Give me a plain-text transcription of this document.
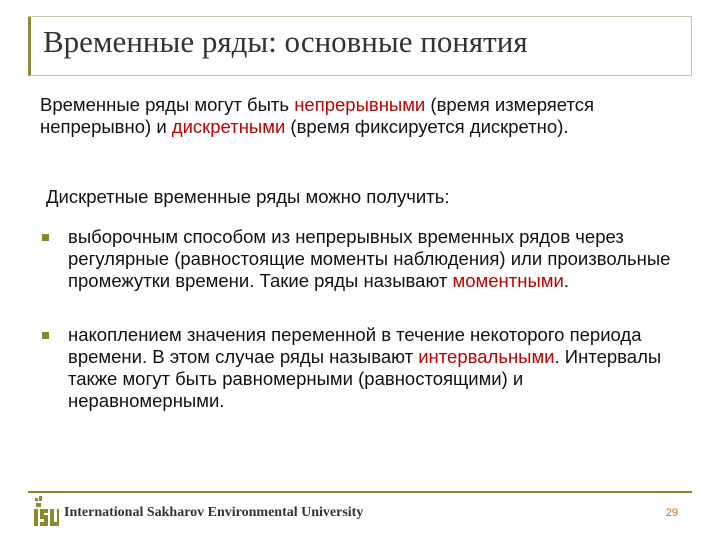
Временные ряды: основные понятия
Временные ряды могут быть непрерывными (время измеряется непрерывно) и дискретными (время фиксируется дискретно).
Дискретные временные ряды можно получить:
выборочным способом из непрерывных временных рядов через регулярные (равностоящие моменты наблюдения) или произвольные промежутки времени. Такие ряды называют моментными.
накоплением значения переменной в течение некоторого периода времени. В этом случае ряды называют интервальными. Интервалы также могут быть равномерными (равностоящими) и неравномерными.
International Sakharov Environmental University	29
